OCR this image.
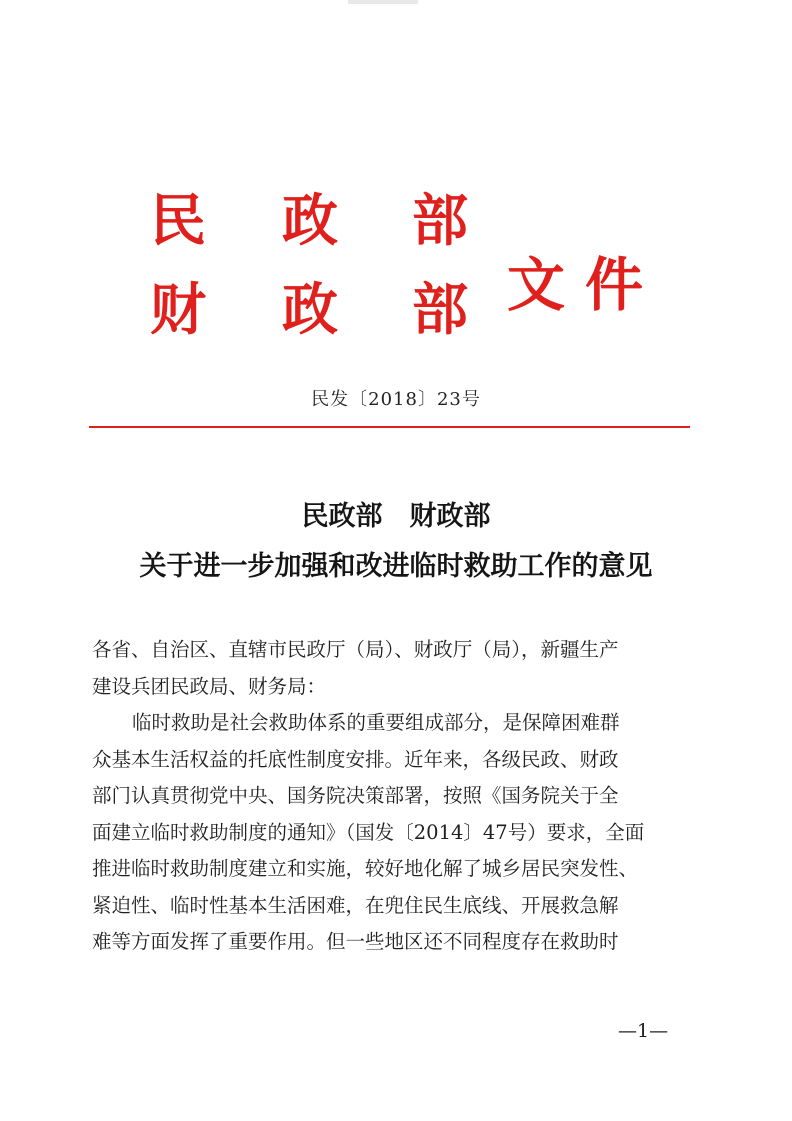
民 政 部
财 政 部 文件
民发〔2018〕23号
民政部　财政部
关于进一步加强和改进临时救助工作的意见
各省、自治区、直辖市民政厅（局）、财政厅（局），新疆生产
建设兵团民政局、财务局：
临时救助是社会救助体系的重要组成部分，是保障困难群
众基本生活权益的托底性制度安排。近年来，各级民政、财政
部门认真贯彻党中央、国务院决策部署，按照《国务院关于全
面建立临时救助制度的通知》（国发〔2014〕47号）要求，全面
推进临时救助制度建立和实施，较好地化解了城乡居民突发性、
紧迫性、临时性基本生活困难，在兜住民生底线、开展救急解
难等方面发挥了重要作用。但一些地区还不同程度存在救助时
—1—
